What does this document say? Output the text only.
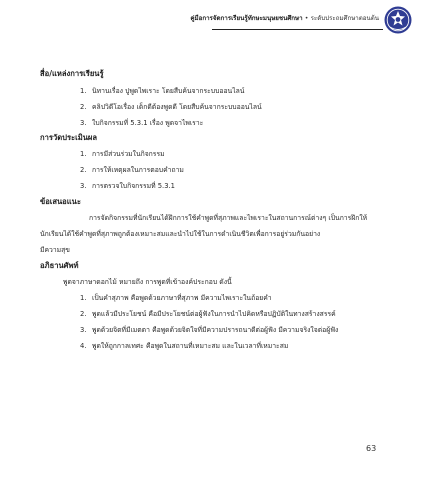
คู่มือการจัดการเรียนรู้ทักษะมนุษยชนศึกษา • ระดับประถมศึกษาตอนต้น
สื่อ/แหล่งการเรียนรู้
1. นิทานเรื่อง ปูพูดไพเราะ โดยสืบค้นจากระบบออนไลน์
2. คลิปวิดีโอเรื่อง เด็กดีต้องพูดดี โดยสืบค้นจากระบบออนไลน์
3. ใบกิจกรรมที่ 5.3.1 เรื่อง พูดจาไพเราะ
การวัดประเมินผล
1. การมีส่วนร่วมในกิจกรรม
2. การให้เหตุผลในการตอบคำถาม
3. การตรวจใบกิจกรรมที่ 5.3.1
ข้อเสนอแนะ
การจัดกิจกรรมที่นักเรียนได้ฝึกการใช้คำพูดที่สุภาพและไพเราะในสถานการณ์ต่างๆ เป็นการฝึกให้
นักเรียนได้ใช้คำพูดที่สุภาพถูกต้องเหมาะสมและนำไปใช้ในการดำเนินชีวิตเพื่อการอยู่ร่วมกันอย่าง
มีความสุข
อภิธานศัพท์
พูดจาภาษาดอกไม้ หมายถึง การพูดที่เข้าองค์ประกอบ ดังนี้
1. เป็นคำสุภาพ คือพูดด้วยภาษาที่สุภาพ มีความไพเราะในถ้อยคำ
2. พูดแล้วมีประโยชน์ คือมีประโยชน์ต่อผู้ฟังในการนำไปคิดหรือปฏิบัติในทางสร้างสรรค์
3. พูดด้วยจิตที่มีเมตตา คือพูดด้วยจิตใจที่มีความปรารถนาดีต่อผู้ฟัง มีความจริงใจต่อผู้ฟัง
4. พูดให้ถูกกาลเทศะ คือพูดในสถานที่เหมาะสม และในเวลาที่เหมาะสม
63
